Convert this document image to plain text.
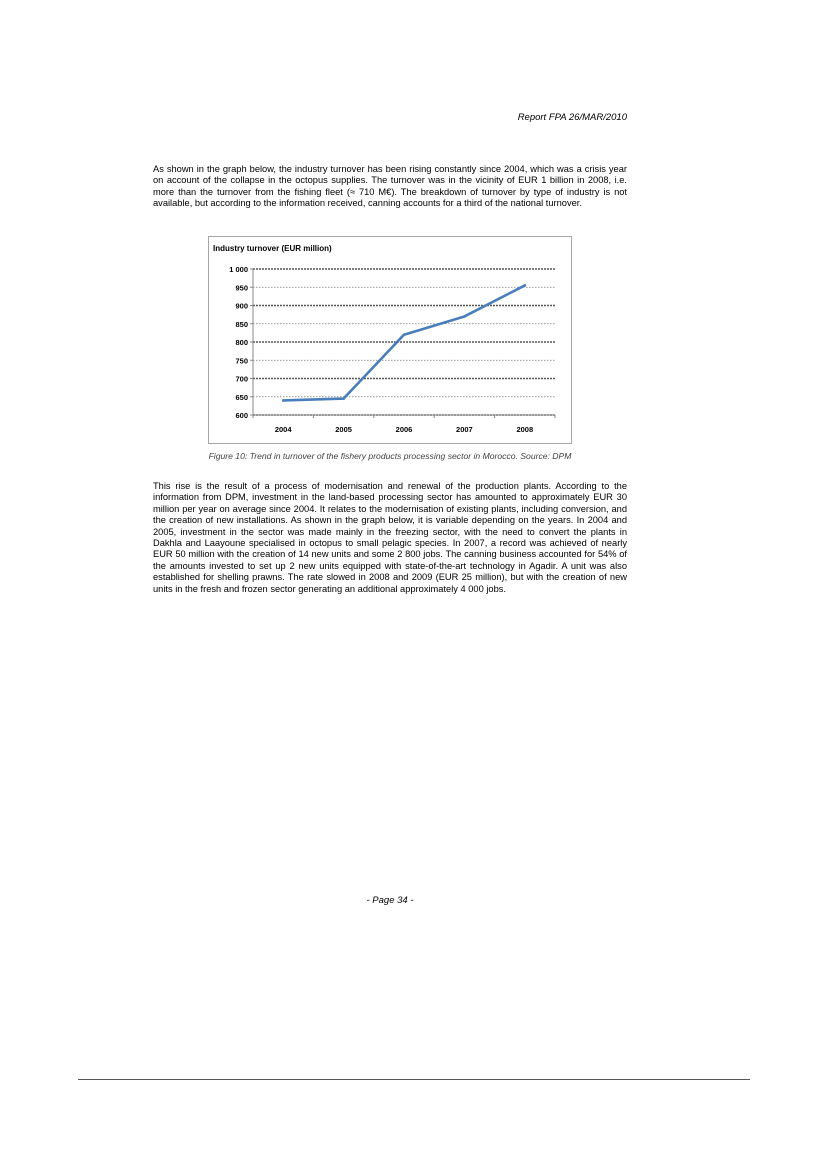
Report FPA 26/MAR/2010

As shown in the graph below, the industry turnover has been rising constantly since 2004, which was a crisis year on account of the collapse in the octopus supplies. The turnover was in the vicinity of EUR 1 billion in 2008, i.e. more than the turnover from the fishing fleet (≈ 710 M€). The breakdown of turnover by type of industry is not available, but according to the information received, canning accounts for a third of the national turnover.

Industry turnover (EUR million)
600
650
700
750
800
850
900
950
1 000
2004	2005	2006	2007	2008
Figure 10: Trend in turnover of the fishery products processing sector in Morocco. Source: DPM

This rise is the result of a process of modernisation and renewal of the production plants. According to the information from DPM, investment in the land-based processing sector has amounted to approximately EUR 30 million per year on average since 2004. It relates to the modernisation of existing plants, including conversion, and the creation of new installations. As shown in the graph below, it is variable depending on the years. In 2004 and 2005, investment in the sector was made mainly in the freezing sector, with the need to convert the plants in Dakhla and Laayoune specialised in octopus to small pelagic species. In 2007, a record was achieved of nearly EUR 50 million with the creation of 14 new units and some 2 800 jobs. The canning business accounted for 54% of the amounts invested to set up 2 new units equipped with state-of-the-art technology in Agadir. A unit was also established for shelling prawns. The rate slowed in 2008 and 2009 (EUR 25 million), but with the creation of new units in the fresh and frozen sector generating an additional approximately 4 000 jobs.

- Page 34 -
